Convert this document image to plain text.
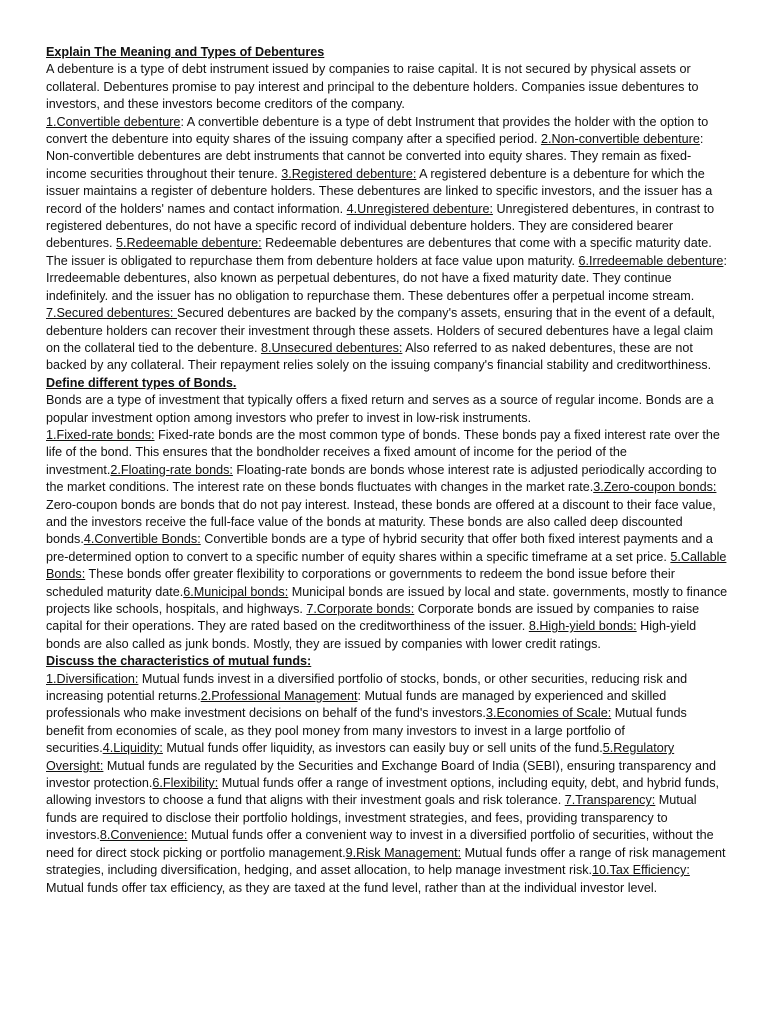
Explain The Meaning and Types of Debentures

A debenture is a type of debt instrument issued by companies to raise capital. It is not secured by physical assets or collateral. Debentures promise to pay interest and principal to the debenture holders. Companies issue debentures to investors, and these investors become creditors of the company.

1.Convertible debenture: A convertible debenture is a type of debt Instrument that provides the holder with the option to convert the debenture into equity shares of the issuing company after a specified period. 2.Non-convertible debenture: Non-convertible debentures are debt instruments that cannot be converted into equity shares. They remain as fixed-income securities throughout their tenure. 3.Registered debenture: A registered debenture is a debenture for which the issuer maintains a register of debenture holders. These debentures are linked to specific investors, and the issuer has a record of the holders' names and contact information. 4.Unregistered debenture: Unregistered debentures, in contrast to registered debentures, do not have a specific record of individual debenture holders. They are considered bearer debentures. 5.Redeemable debenture: Redeemable debentures are debentures that come with a specific maturity date. The issuer is obligated to repurchase them from debenture holders at face value upon maturity. 6.Irredeemable debenture: Irredeemable debentures, also known as perpetual debentures, do not have a fixed maturity date. They continue indefinitely. and the issuer has no obligation to repurchase them. These debentures offer a perpetual income stream. 7.Secured debentures: Secured debentures are backed by the company's assets, ensuring that in the event of a default, debenture holders can recover their investment through these assets. Holders of secured debentures have a legal claim on the collateral tied to the debenture. 8.Unsecured debentures: Also referred to as naked debentures, these are not backed by any collateral. Their repayment relies solely on the issuing company's financial stability and creditworthiness.

Define different types of Bonds.

Bonds are a type of investment that typically offers a fixed return and serves as a source of regular income. Bonds are a popular investment option among investors who prefer to invest in low-risk instruments.

1.Fixed-rate bonds: Fixed-rate bonds are the most common type of bonds. These bonds pay a fixed interest rate over the life of the bond. This ensures that the bondholder receives a fixed amount of income for the period of the investment.2.Floating-rate bonds: Floating-rate bonds are bonds whose interest rate is adjusted periodically according to the market conditions. The interest rate on these bonds fluctuates with changes in the market rate.3.Zero-coupon bonds: Zero-coupon bonds are bonds that do not pay interest. Instead, these bonds are offered at a discount to their face value, and the investors receive the full-face value of the bonds at maturity. These bonds are also called deep discounted bonds.4.Convertible Bonds: Convertible bonds are a type of hybrid security that offer both fixed interest payments and a pre-determined option to convert to a specific number of equity shares within a specific timeframe at a set price. 5.Callable Bonds: These bonds offer greater flexibility to corporations or governments to redeem the bond issue before their scheduled maturity date.6.Municipal bonds: Municipal bonds are issued by local and state. governments, mostly to finance projects like schools, hospitals, and highways. 7.Corporate bonds: Corporate bonds are issued by companies to raise capital for their operations. They are rated based on the creditworthiness of the issuer. 8.High-yield bonds: High-yield bonds are also called as junk bonds. Mostly, they are issued by companies with lower credit ratings.

Discuss the characteristics of mutual funds:

1.Diversification: Mutual funds invest in a diversified portfolio of stocks, bonds, or other securities, reducing risk and increasing potential returns.2.Professional Management: Mutual funds are managed by experienced and skilled professionals who make investment decisions on behalf of the fund's investors.3.Economies of Scale: Mutual funds benefit from economies of scale, as they pool money from many investors to invest in a large portfolio of securities.4.Liquidity: Mutual funds offer liquidity, as investors can easily buy or sell units of the fund.5.Regulatory Oversight: Mutual funds are regulated by the Securities and Exchange Board of India (SEBI), ensuring transparency and investor protection.6.Flexibility: Mutual funds offer a range of investment options, including equity, debt, and hybrid funds, allowing investors to choose a fund that aligns with their investment goals and risk tolerance. 7.Transparency: Mutual funds are required to disclose their portfolio holdings, investment strategies, and fees, providing transparency to investors.8.Convenience: Mutual funds offer a convenient way to invest in a diversified portfolio of securities, without the need for direct stock picking or portfolio management.9.Risk Management: Mutual funds offer a range of risk management strategies, including diversification, hedging, and asset allocation, to help manage investment risk.10.Tax Efficiency: Mutual funds offer tax efficiency, as they are taxed at the fund level, rather than at the individual investor level.
